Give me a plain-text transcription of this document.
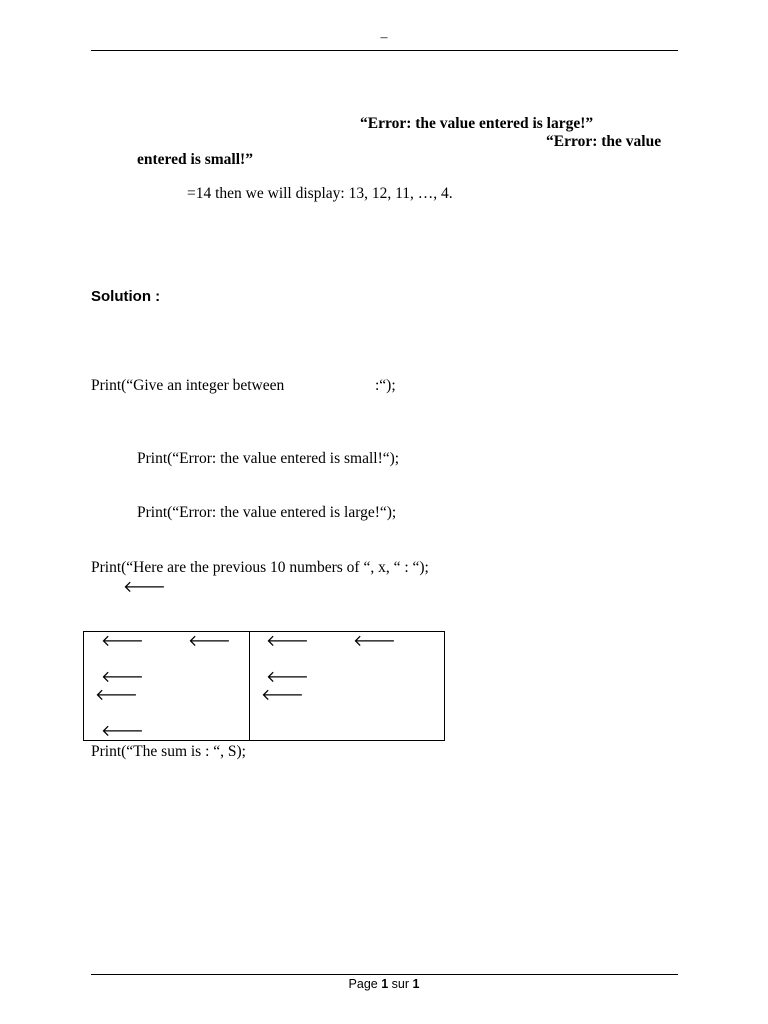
–
“Error: the value entered is large!”
“Error: the value
entered is small!”
=14 then we will display: 13, 12, 11, …, 4.
Solution :
Print(“Give an integer between	:“);
Print(“Error: the value entered is small!“);
Print(“Error: the value entered is large!“);
Print(“Here are the previous 10 numbers of “, x, “ : “);
🡐
🡐	🡐 🡐	🡐
🡐	🡐
🡐	🡐
🡐
Print(“The sum is : “, S);
Page 1 sur 1
